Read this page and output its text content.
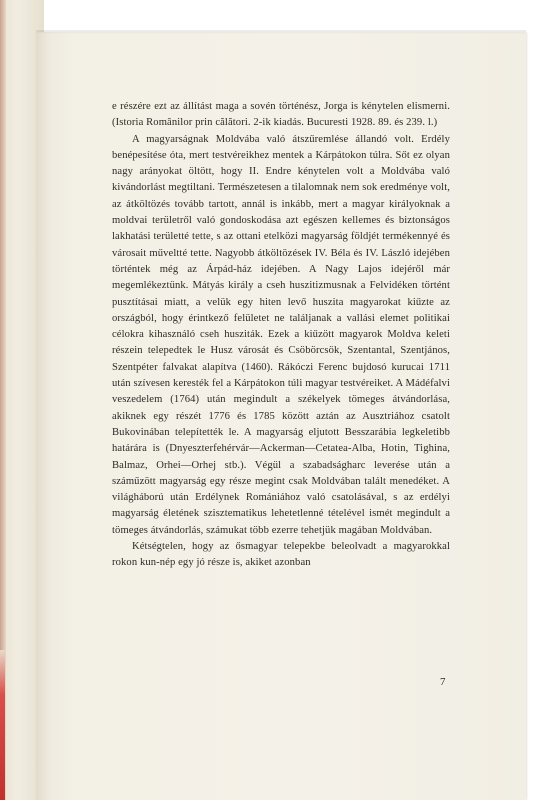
e részére ezt az állítást maga a sovén történész, Jorga is kénytelen elismerni. (Istoria Românilor prin călători. 2-ik kiadás. Bucuresti 1928. 89. és 239. l.)

A magyarságnak Moldvába való átszűremlése állandó volt. Erdély benépesítése óta, mert testvéreikhez mentek a Kárpátokon túlra. Sőt ez olyan nagy arányokat öltött, hogy II. Endre kénytelen volt a Moldvába való kivándorlást megtiltani. Természetesen a tilalomnak nem sok eredménye volt, az átköltözés tovább tartott, annál is inkább, mert a magyar királyoknak a moldvai területről való gondoskodása azt egészen kellemes és biztonságos lakhatási területté tette, s az ottani etelközi magyarság földjét termékennyé és városait műveltté tette. Nagyobb átköltözések IV. Béla és IV. László idejében történtek még az Árpád-ház idejében. A Nagy Lajos idejéről már megemlékeztünk. Mátyás király a cseh huszitizmusnak a Felvidéken történt pusztításai miatt, a velük egy hiten levő huszita magyarokat kiűzte az országból, hogy érintkező felületet ne találjanak a vallási elemet politikai célokra kihasználó cseh husziták. Ezek a kiűzött magyarok Moldva keleti részein telepedtek le Husz városát és Csöbörcsök, Szentantal, Szentjános, Szentpéter falvakat alapítva (1460). Rákóczi Ferenc bujdosó kurucai 1711 után szívesen keresték fel a Kárpátokon túli magyar testvéreiket. A Mádéfalvi veszedelem (1764) után megindult a székelyek tömeges átvándorlása, akiknek egy részét 1776 és 1785 között aztán az Ausztriához csatolt Bukovinában telepítették le. A magyarság eljutott Besszarábia legkeletibb határára is (Dnyeszterfehérvár—Ackerman—Cetatea-Alba, Hotin, Tighina, Balmaz, Orhei—Orhej stb.). Végül a szabadságharc leverése után a száműzött magyarság egy része megint csak Moldvában talált menedéket. A világháború után Erdélynek Romániához való csatolásával, s az erdélyi magyarság életének szisztematikus lehetetlenné tételével ismét megindult a tömeges átvándorlás, számukat több ezerre tehetjük magában Moldvában.

Kétségtelen, hogy az ősmagyar telepekbe beleolvadt a magyarokkal rokon kun-nép egy jó része is, akiket azonban

7
